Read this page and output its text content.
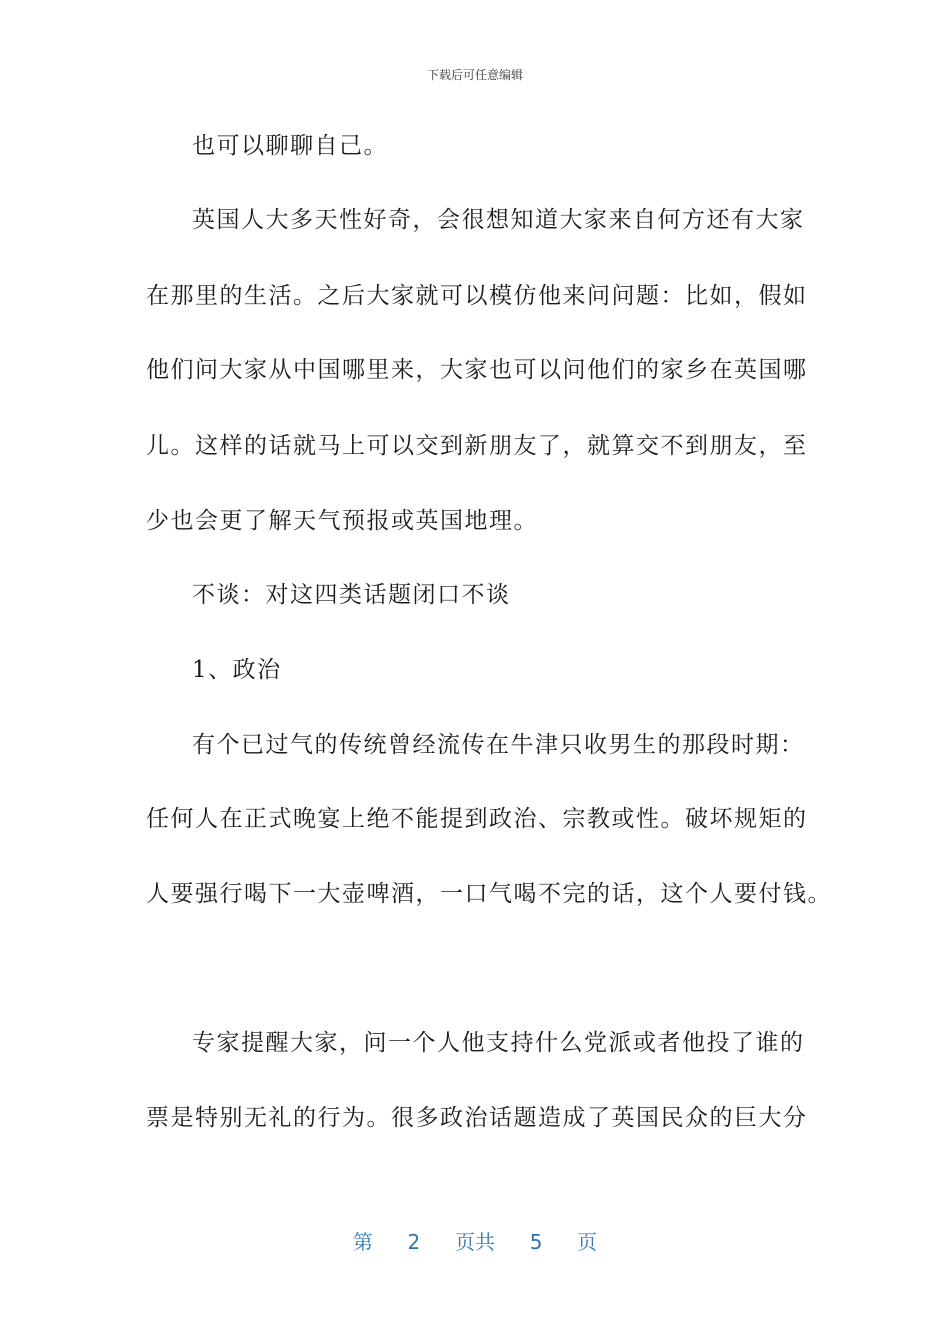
下载后可任意编辑
也可以聊聊自己。
英国人大多天性好奇，会很想知道大家来自何方还有大家
在那里的生活。之后大家就可以模仿他来问问题：比如，假如
他们问大家从中国哪里来，大家也可以问他们的家乡在英国哪
儿。这样的话就马上可以交到新朋友了，就算交不到朋友，至
少也会更了解天气预报或英国地理。
不谈：对这四类话题闭口不谈
1、政治
有个已过气的传统曾经流传在牛津只收男生的那段时期：
任何人在正式晚宴上绝不能提到政治、宗教或性。破坏规矩的
人要强行喝下一大壶啤酒，一口气喝不完的话，这个人要付钱。
专家提醒大家，问一个人他支持什么党派或者他投了谁的
票是特别无礼的行为。很多政治话题造成了英国民众的巨大分
第 2 页共 5 页
